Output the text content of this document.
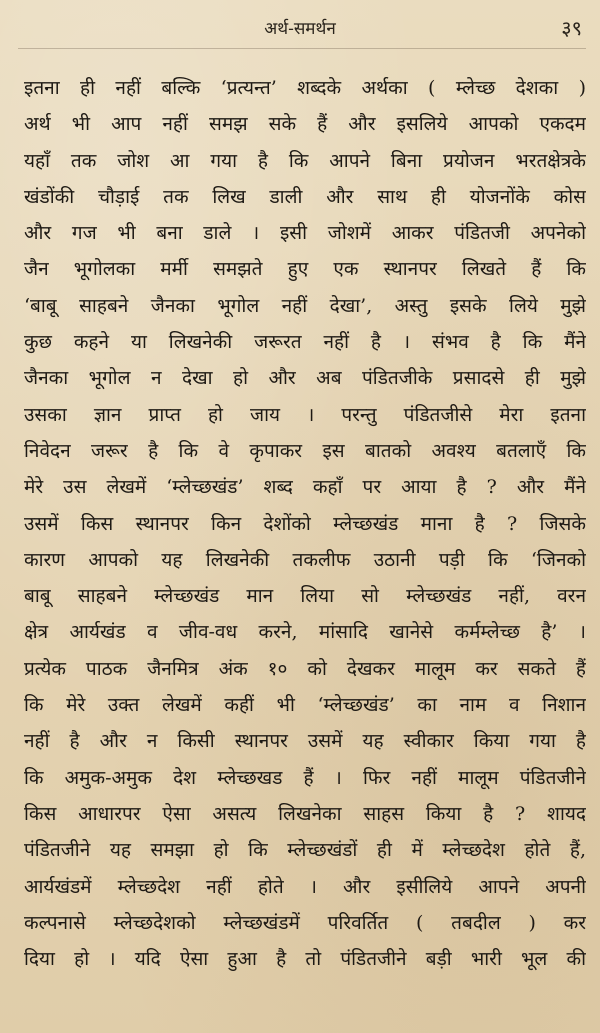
अर्थ-समर्थन	३९
इतना ही नहीं बल्कि ‘प्रत्यन्त’ शब्दके अर्थका ( म्लेच्छ देशका )
अर्थ भी आप नहीं समझ सके हैं और इसलिये आपको एकदम
यहाँ तक जोश आ गया है कि आपने बिना प्रयोजन भरतक्षेत्रके
खंडोंकी चौड़ाई तक लिख डाली और साथ ही योजनोंके कोस
और गज भी बना डाले । इसी जोशमें आकर पंडितजी अपनेको
जैन भूगोलका मर्मी समझते हुए एक स्थानपर लिखते हैं कि
‘बाबू साहबने जैनका भूगोल नहीं देखा’, अस्तु इसके लिये मुझे
कुछ कहने या लिखनेकी जरूरत नहीं है । संभव है कि मैंने
जैनका भूगोल न देखा हो और अब पंडितजीके प्रसादसे ही मुझे
उसका ज्ञान प्राप्त हो जाय । परन्तु पंडितजीसे मेरा इतना
निवेदन जरूर है कि वे कृपाकर इस बातको अवश्य बतलाएँ कि
मेरे उस लेखमें ‘म्लेच्छखंड’ शब्द कहाँ पर आया है ? और मैंने
उसमें किस स्थानपर किन देशोंको म्लेच्छखंड माना है ? जिसके
कारण आपको यह लिखनेकी तकलीफ उठानी पड़ी कि ‘जिनको
बाबू साहबने म्लेच्छखंड मान लिया सो म्लेच्छखंड नहीं, वरन
क्षेत्र आर्यखंड व जीव-वध करने, मांसादि खानेसे कर्मम्लेच्छ है’ ।
प्रत्येक पाठक जैनमित्र अंक १० को देखकर मालूम कर सकते हैं
कि मेरे उक्त लेखमें कहीं भी ‘म्लेच्छखंड’ का नाम व निशान
नहीं है और न किसी स्थानपर उसमें यह स्वीकार किया गया है
कि अमुक-अमुक देश म्लेच्छखड हैं । फिर नहीं मालूम पंडितजीने
किस आधारपर ऐसा असत्य लिखनेका साहस किया है ? शायद
पंडितजीने यह समझा हो कि म्लेच्छखंडों ही में म्लेच्छदेश होते हैं,
आर्यखंडमें म्लेच्छदेश नहीं होते । और इसीलिये आपने अपनी
कल्पनासे म्लेच्छदेशको म्लेच्छखंडमें परिवर्तित ( तबदील ) कर
दिया हो । यदि ऐसा हुआ है तो पंडितजीने बड़ी भारी भूल की
